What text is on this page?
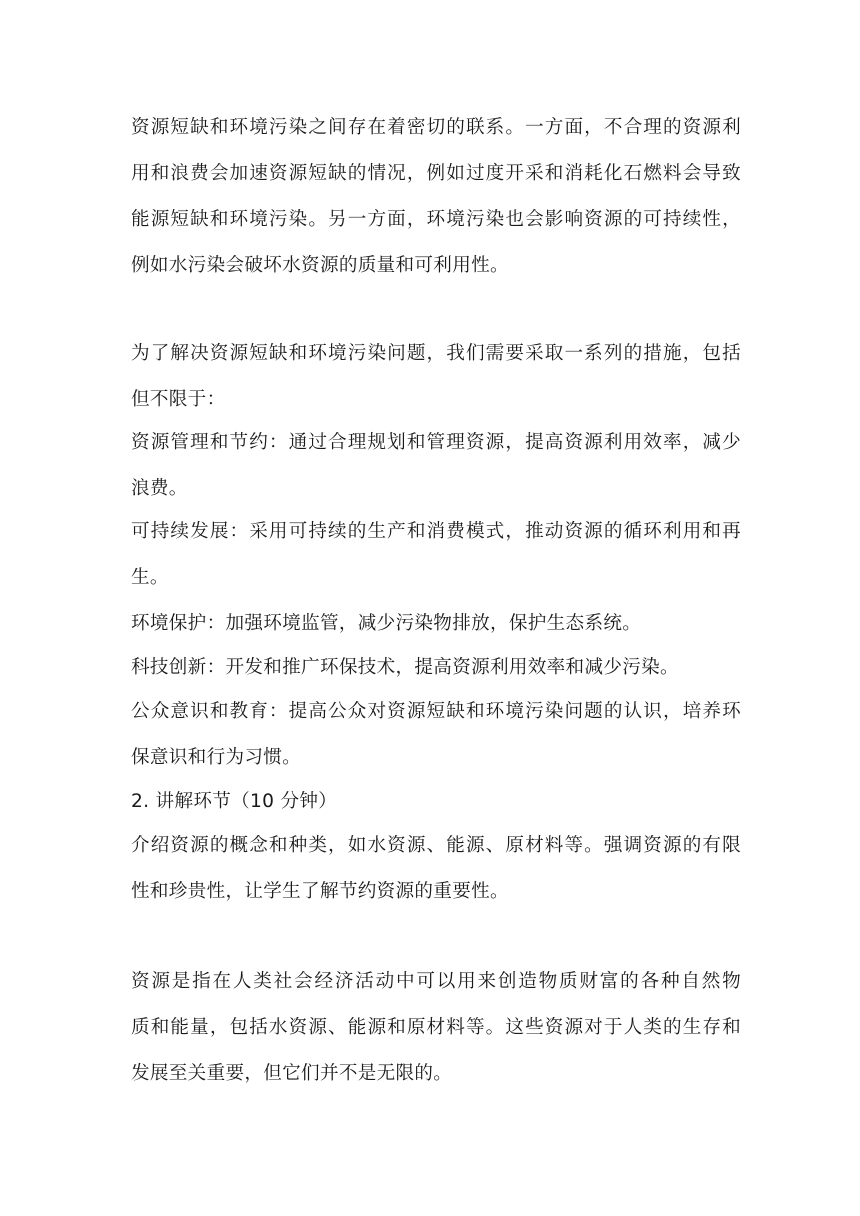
资源短缺和环境污染之间存在着密切的联系。一方面，不合理的资源利
用和浪费会加速资源短缺的情况，例如过度开采和消耗化石燃料会导致
能源短缺和环境污染。另一方面，环境污染也会影响资源的可持续性，
例如水污染会破坏水资源的质量和可利用性。
为了解决资源短缺和环境污染问题，我们需要采取一系列的措施，包括
但不限于：
资源管理和节约：通过合理规划和管理资源，提高资源利用效率，减少
浪费。
可持续发展：采用可持续的生产和消费模式，推动资源的循环利用和再
生。
环境保护：加强环境监管，减少污染物排放，保护生态系统。
科技创新：开发和推广环保技术，提高资源利用效率和减少污染。
公众意识和教育：提高公众对资源短缺和环境污染问题的认识，培养环
保意识和行为习惯。
2. 讲解环节（10 分钟）
介绍资源的概念和种类，如水资源、能源、原材料等。强调资源的有限
性和珍贵性，让学生了解节约资源的重要性。
资源是指在人类社会经济活动中可以用来创造物质财富的各种自然物
质和能量，包括水资源、能源和原材料等。这些资源对于人类的生存和
发展至关重要，但它们并不是无限的。
